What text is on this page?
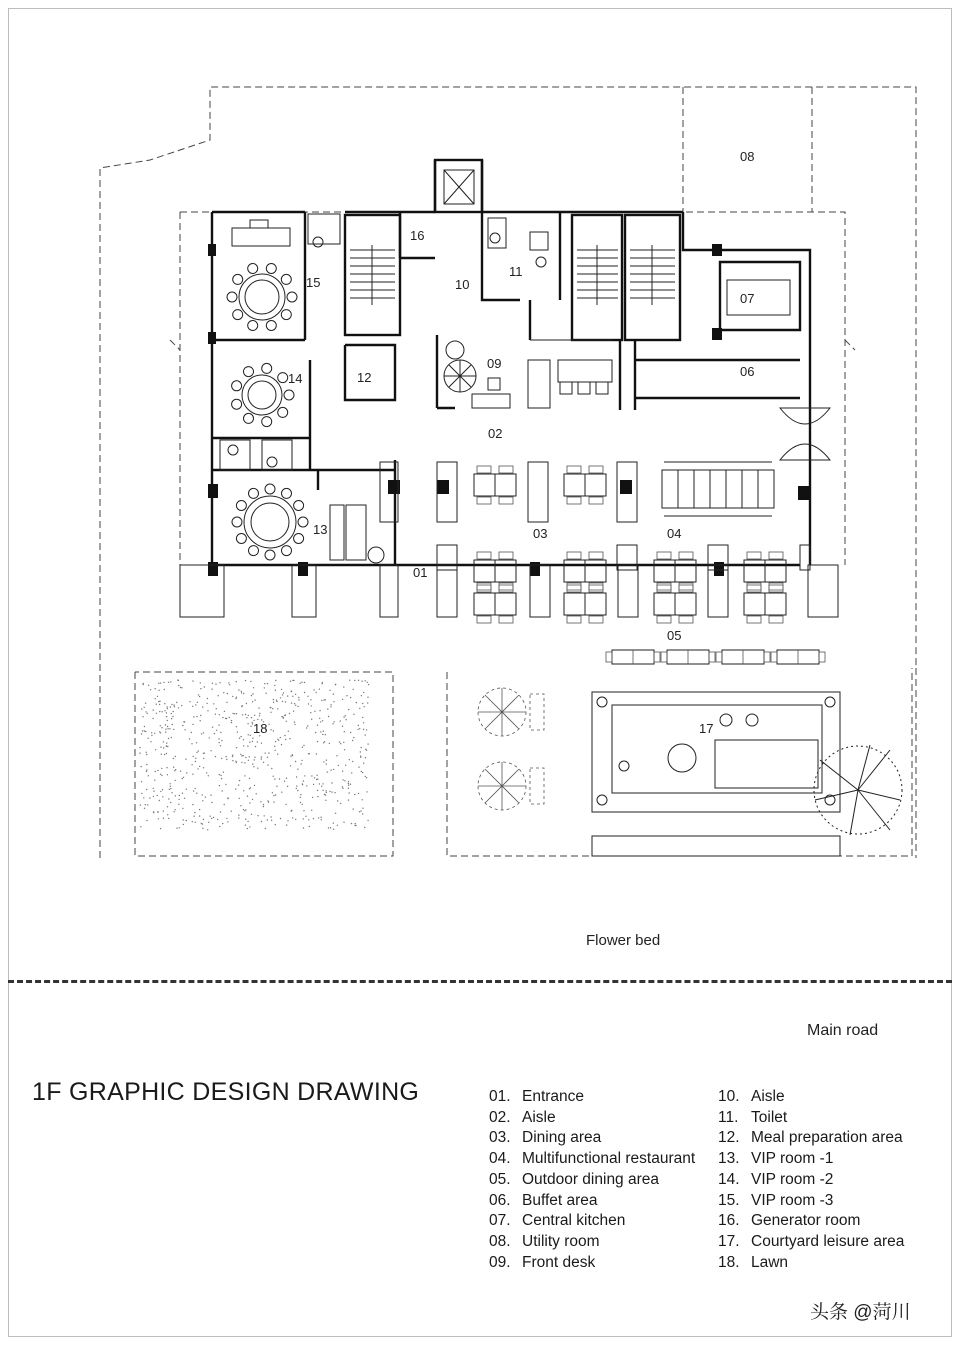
01
02
03	04
05
06
07
08
09
10
11
12
13
14
15
16
17
18
Flower bed
Main road
1F GRAPHIC DESIGN DRAWING	01. Entrance
02. Aisle
03. Dining area
04. Multifunctional restaurant
05. Outdoor dining area
06. Buffet area
07. Central kitchen
08. Utility room
09. Front desk
10. Aisle
11. Toilet
12. Meal preparation area
13. VIP room -1
14. VIP room -2
15. VIP room -3
16. Generator room
17. Courtyard leisure area
18. Lawn
头条 @菏川
